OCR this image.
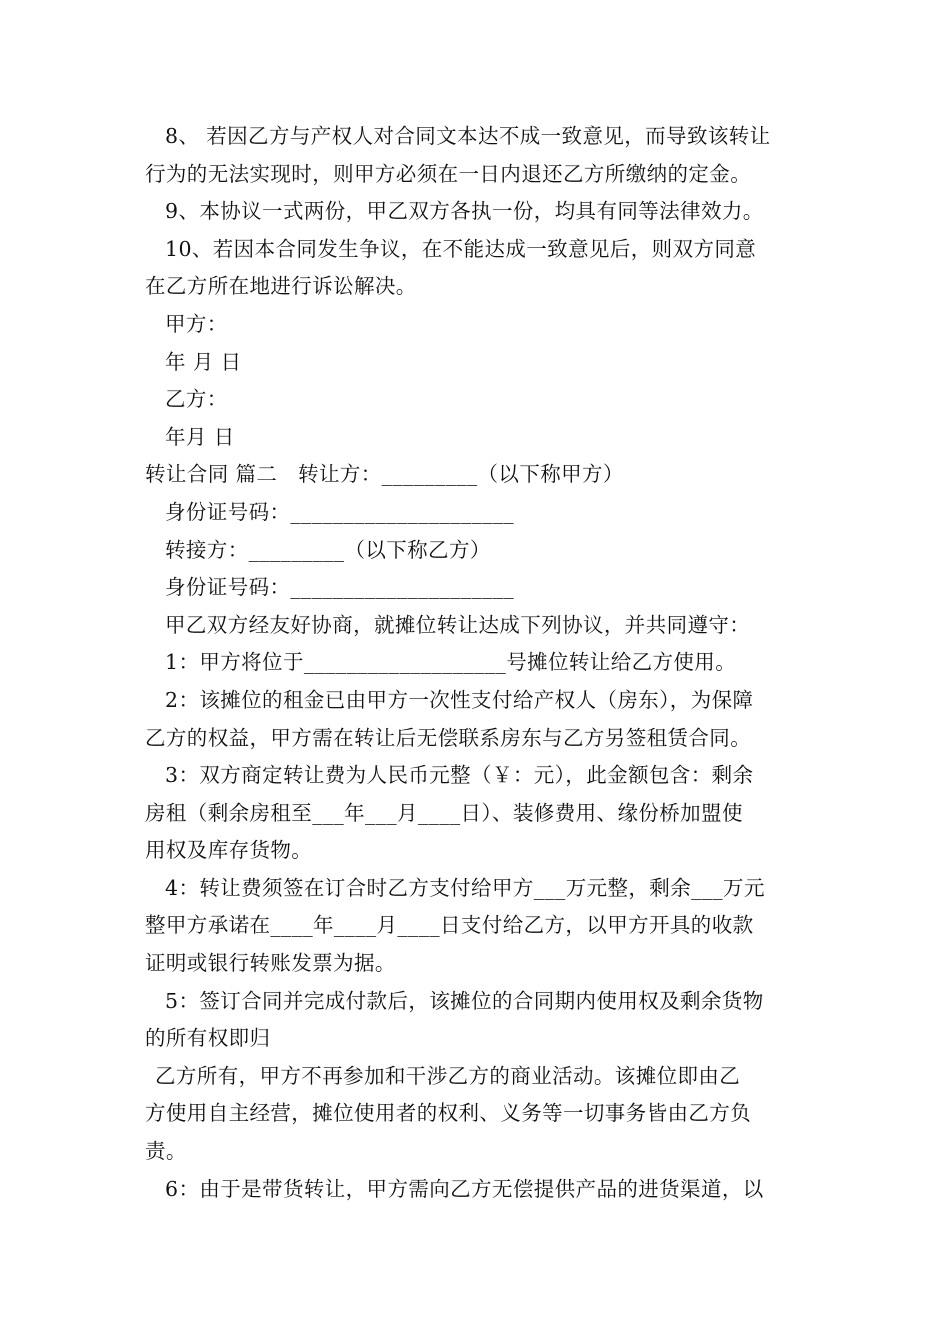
8、 若因乙方与产权人对合同文本达不成一致意见，而导致该转让
行为的无法实现时，则甲方必须在一日内退还乙方所缴纳的定金。
9、本协议一式两份，甲乙双方各执一份，均具有同等法律效力。
10、若因本合同发生争议，在不能达成一致意见后，则双方同意
在乙方所在地进行诉讼解决。
甲方：
年 月 日
乙方：
年月 日
转让合同 篇二   转让方：_________（以下称甲方）
身份证号码：_____________________
转接方：_________（以下称乙方）
身份证号码：_____________________
甲乙双方经友好协商，就摊位转让达成下列协议，并共同遵守：
1：甲方将位于___________________号摊位转让给乙方使用。
2：该摊位的租金已由甲方一次性支付给产权人（房东），为保障
乙方的权益，甲方需在转让后无偿联系房东与乙方另签租赁合同。
3：双方商定转让费为人民币元整（￥：元），此金额包含：剩余
房租（剩余房租至___年___月____日）、装修费用、缘份桥加盟使
用权及库存货物。
4：转让费须签在订合时乙方支付给甲方___万元整，剩余___万元
整甲方承诺在____年____月____日支付给乙方，以甲方开具的收款
证明或银行转账发票为据。
5：签订合同并完成付款后，该摊位的合同期内使用权及剩余货物
的所有权即归
乙方所有，甲方不再参加和干涉乙方的商业活动。该摊位即由乙
方使用自主经营，摊位使用者的权利、义务等一切事务皆由乙方负
责。
6：由于是带货转让，甲方需向乙方无偿提供产品的进货渠道，以
